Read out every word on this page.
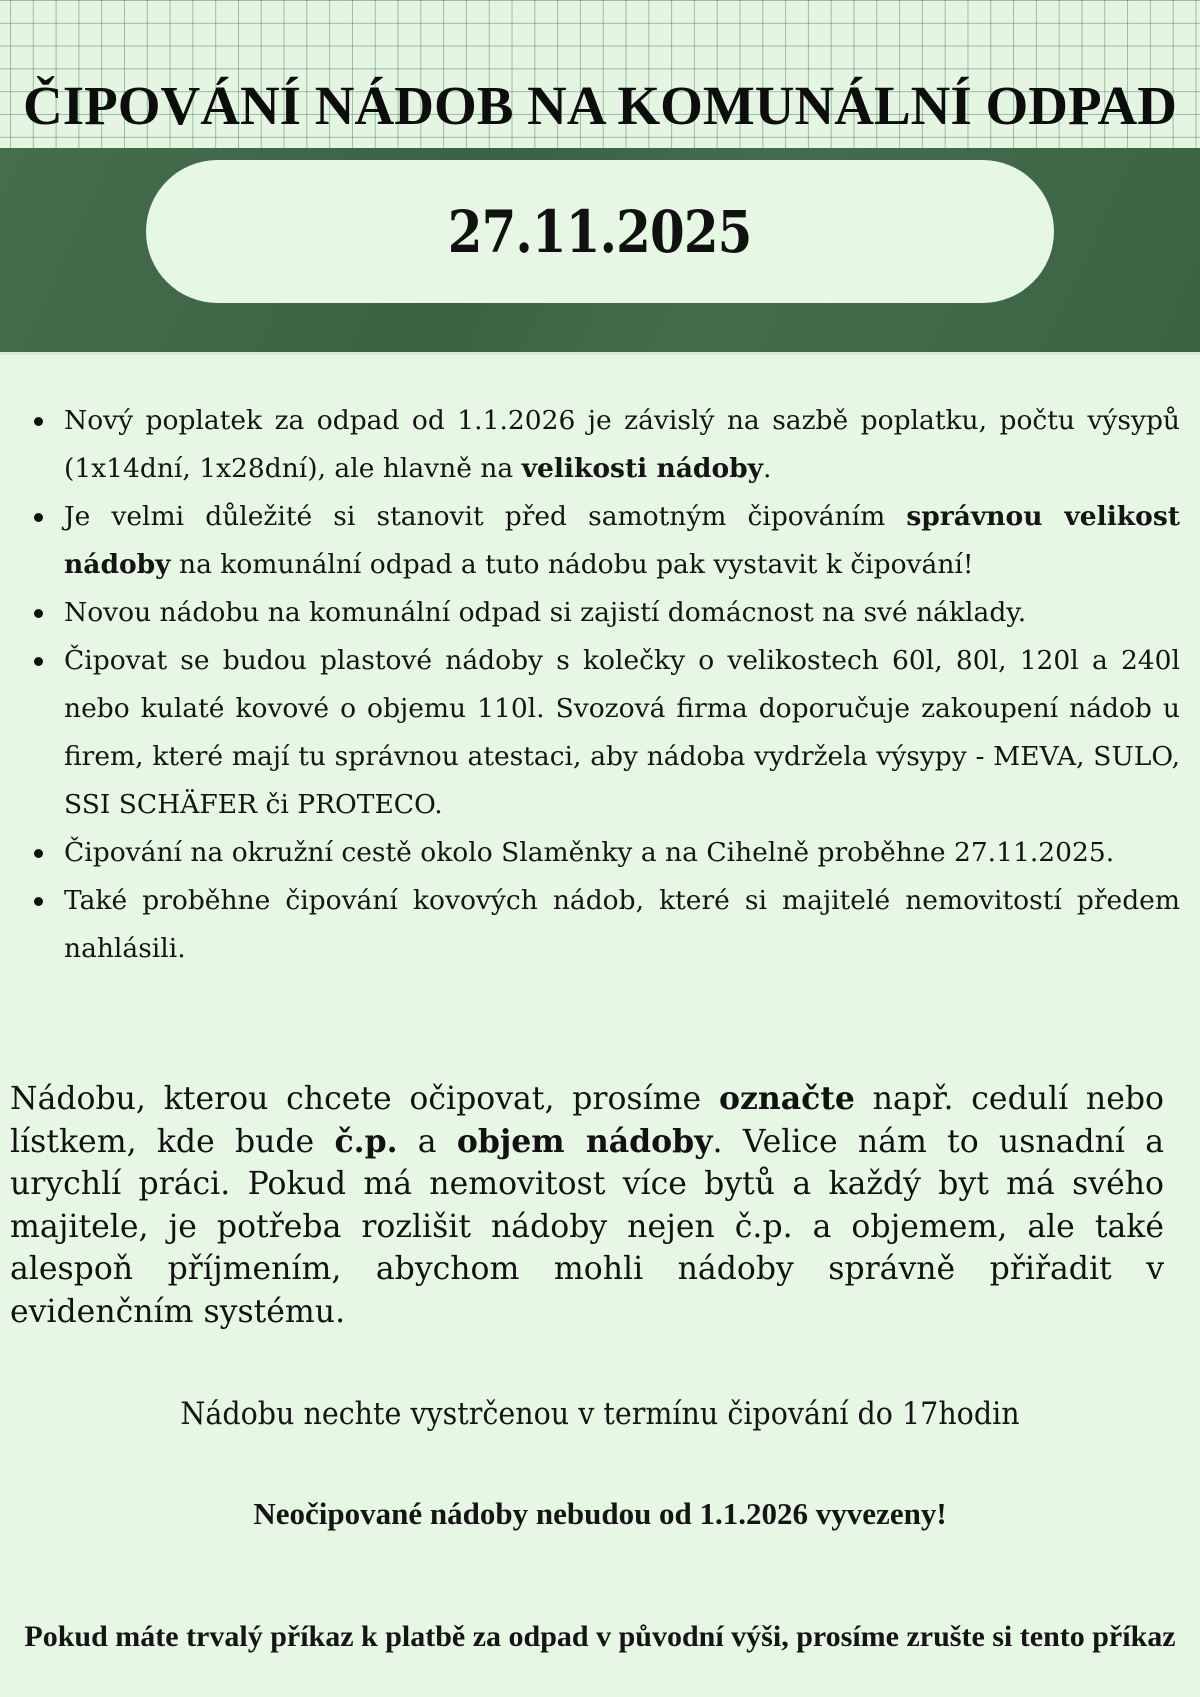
ČIPOVÁNÍ NÁDOB NA KOMUNÁLNÍ ODPAD
27.11.2025
Nový poplatek za odpad od 1.1.2026 je závislý na sazbě poplatku, počtu výsypů (1x14dní, 1x28dní), ale hlavně na velikosti nádoby.
Je velmi důležité si stanovit před samotným čipováním správnou velikost nádoby na komunální odpad a tuto nádobu pak vystavit k čipování!
Novou nádobu na komunální odpad si zajistí domácnost na své náklady.
Čipovat se budou plastové nádoby s kolečky o velikostech 60l, 80l, 120l a 240l nebo kulaté kovové o objemu 110l. Svozová firma doporučuje zakoupení nádob u firem, které mají tu správnou atestaci, aby nádoba vydržela výsypy - MEVA, SULO, SSI SCHÄFER či PROTECO.
Čipování na okružní cestě okolo Slaměnky a na Cihelně proběhne 27.11.2025.
Také proběhne čipování kovových nádob, které si majitelé nemovitostí předem nahlásili.

Nádobu, kterou chcete očipovat, prosíme označte např. cedulí nebo lístkem, kde bude č.p. a objem nádoby. Velice nám to usnadní a urychlí práci. Pokud má nemovitost více bytů a každý byt má svého majitele, je potřeba rozlišit nádoby nejen č.p. a objemem, ale také alespoň příjmením, abychom mohli nádoby správně přiřadit v evidenčním systému.

Nádobu nechte vystrčenou v termínu čipování do 17hodin

Neočipované nádoby nebudou od 1.1.2026 vyvezeny!

Pokud máte trvalý příkaz k platbě za odpad v původní výši, prosíme zrušte si tento příkaz
